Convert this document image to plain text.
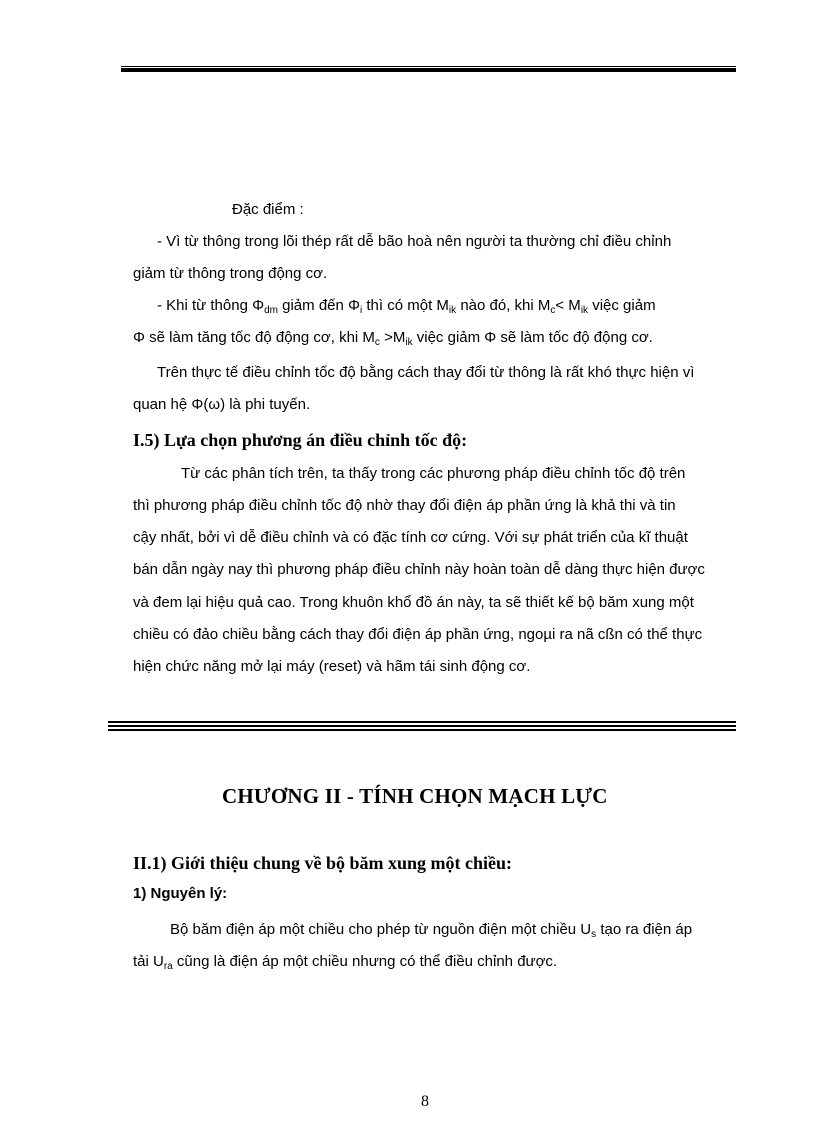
Đặc điểm :
- Vì từ thông trong lõi thép rất dễ bão hoà nên người ta thường chỉ điều chỉnh
giảm từ thông trong động cơ.
- Khi từ thông $\Phi_{dm}$ giảm đến $\Phi_i$ thì có một $M_{ik}$ nào đó, khi $M_c< M_{ik}$ việc giảm
Φ sẽ làm tăng tốc độ động cơ, khi $M_c >M_{ik}$ việc giảm Φ sẽ làm tốc độ động cơ.
Trên thực tế điều chỉnh tốc độ bằng cách thay đổi từ thông là rất khó thực hiện vì
quan hệ Φ(ω) là phi tuyến.
I.5) Lựa chọn phương án điều chỉnh tốc độ:
Từ các phân tích trên, ta thấy trong các phương pháp điều chỉnh tốc độ trên
thì phương pháp điều chỉnh tốc độ nhờ thay đổi điện áp phần ứng là khả thi và tin
cậy nhất, bởi vì dễ điều chỉnh và có đặc tính cơ cứng. Với sự phát triển của kĩ thuật
bán dẫn ngày nay thì phương pháp điều chỉnh này hoàn toàn dễ dàng thực hiện được
và đem lại hiệu quả cao. Trong khuôn khổ đồ án này, ta sẽ thiết kế bộ băm xung một
chiều có đảo chiều bằng cách thay đổi điện áp phần ứng, ngoµi ra nã cßn có thể thực
hiện chức năng mở lại máy (reset) và hãm tái sinh động cơ.
CHƯƠNG II - TÍNH CHỌN MẠCH LỰC
II.1) Giới thiệu chung về bộ băm xung một chiều:
1) Nguyên lý:
Bộ băm điện áp một chiều cho phép từ nguồn điện một chiều $U_s$ tạo ra điện áp
tải $U_{ra}$ cũng là điện áp một chiều nhưng có thể điều chỉnh được.
8
